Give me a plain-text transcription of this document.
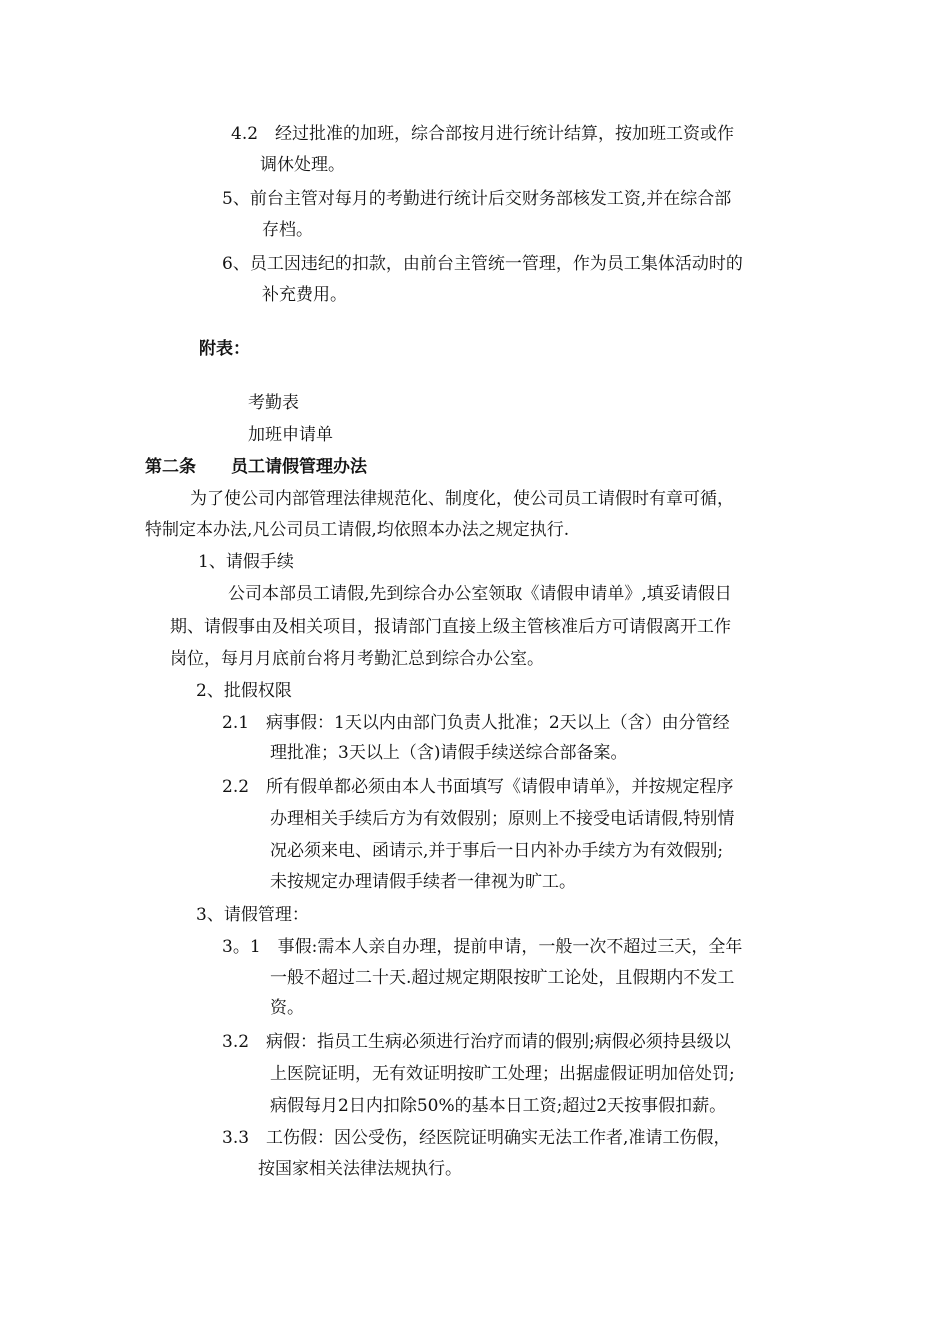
4.2　经过批准的加班，综合部按月进行统计结算，按加班工资或作
调休处理。
5、前台主管对每月的考勤进行统计后交财务部核发工资,并在综合部
存档。
6、员工因违纪的扣款，由前台主管统一管理，作为员工集体活动时的
补充费用。
附表：
考勤表
加班申请单
第二条 员工请假管理办法
为了使公司内部管理法律规范化、制度化，使公司员工请假时有章可循，
特制定本办法,凡公司员工请假,均依照本办法之规定执行.
1、请假手续
公司本部员工请假,先到综合办公室领取《请假申请单》,填妥请假日
期、请假事由及相关项目，报请部门直接上级主管核准后方可请假离开工作
岗位，每月月底前台将月考勤汇总到综合办公室。
2、批假权限
2.1　病事假：1天以内由部门负责人批准；2天以上（含）由分管经
理批准；3天以上（含)请假手续送综合部备案。
2.2　所有假单都必须由本人书面填写《请假申请单》，并按规定程序
办理相关手续后方为有效假别；原则上不接受电话请假,特别情
况必须来电、函请示,并于事后一日内补办手续方为有效假别;
未按规定办理请假手续者一律视为旷工。
3、请假管理：
3。1　事假:需本人亲自办理，提前申请，一般一次不超过三天，全年
一般不超过二十天.超过规定期限按旷工论处，且假期内不发工
资。
3.2　病假：指员工生病必须进行治疗而请的假别;病假必须持县级以
上医院证明，无有效证明按旷工处理；出据虚假证明加倍处罚;
病假每月2日内扣除50%的基本日工资;超过2天按事假扣薪。
3.3　工伤假：因公受伤，经医院证明确实无法工作者,准请工伤假，
按国家相关法律法规执行。
